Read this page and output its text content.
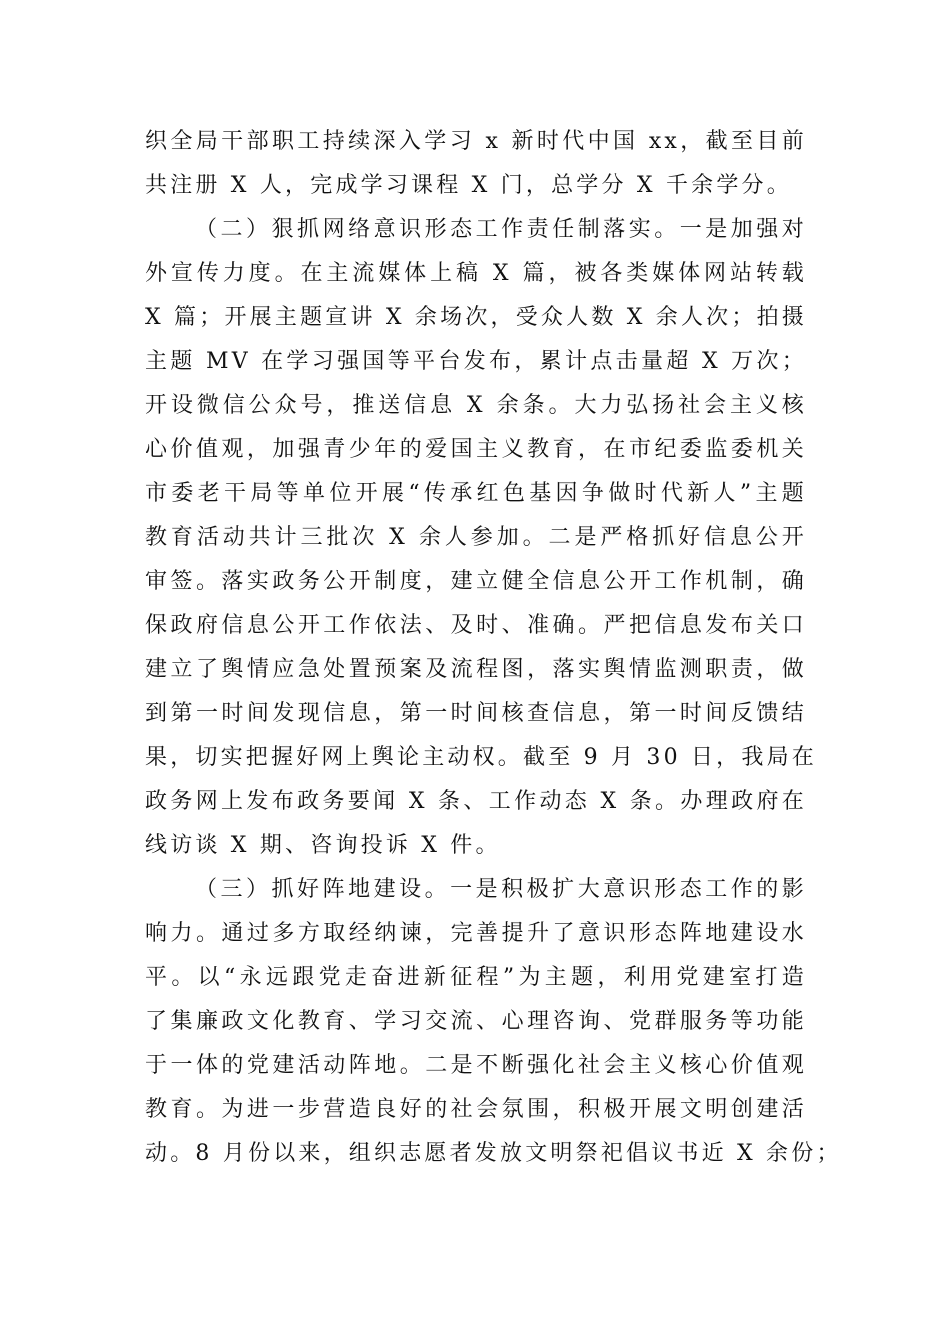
织全局干部职工持续深入学习 x 新时代中国 xx，截至目前
共注册 X 人，完成学习课程 X 门，总学分 X 千余学分。
（二）狠抓网络意识形态工作责任制落实。一是加强对
外宣传力度。在主流媒体上稿 X 篇，被各类媒体网站转载
X 篇；开展主题宣讲 X 余场次，受众人数 X 余人次；拍摄
主题 MV 在学习强国等平台发布，累计点击量超 X 万次；
开设微信公众号，推送信息 X 余条。大力弘扬社会主义核
心价值观，加强青少年的爱国主义教育，在市纪委监委机关
市委老干局等单位开展“传承红色基因争做时代新人”主题
教育活动共计三批次 X 余人参加。二是严格抓好信息公开
审签。落实政务公开制度，建立健全信息公开工作机制，确
保政府信息公开工作依法、及时、准确。严把信息发布关口
建立了舆情应急处置预案及流程图，落实舆情监测职责，做
到第一时间发现信息，第一时间核查信息，第一时间反馈结
果，切实把握好网上舆论主动权。截至 9 月 30 日，我局在
政务网上发布政务要闻 X 条、工作动态 X 条。办理政府在
线访谈 X 期、咨询投诉 X 件。
（三）抓好阵地建设。一是积极扩大意识形态工作的影
响力。通过多方取经纳谏，完善提升了意识形态阵地建设水
平。以“永远跟党走奋进新征程”为主题，利用党建室打造
了集廉政文化教育、学习交流、心理咨询、党群服务等功能
于一体的党建活动阵地。二是不断强化社会主义核心价值观
教育。为进一步营造良好的社会氛围，积极开展文明创建活
动。8 月份以来，组织志愿者发放文明祭祀倡议书近 X 余份；
